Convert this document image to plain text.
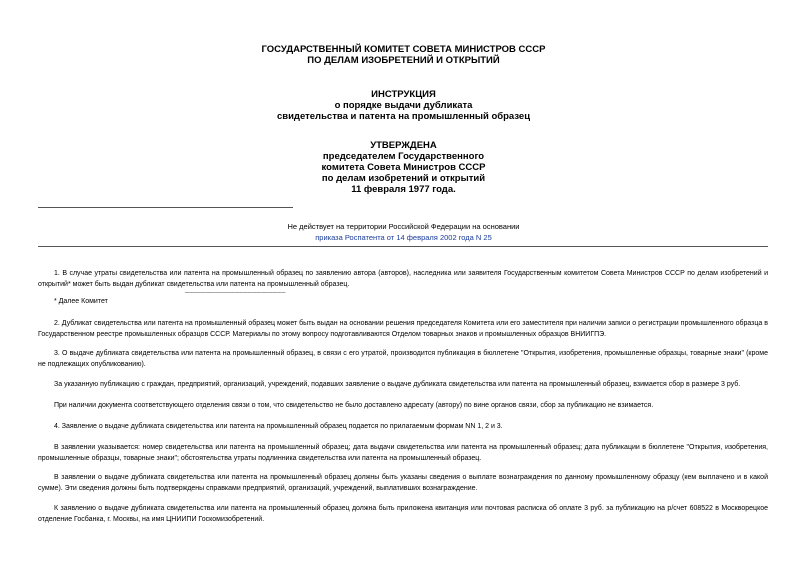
ГОСУДАРСТВЕННЫЙ КОМИТЕТ СОВЕТА МИНИСТРОВ СССР
ПО ДЕЛАМ ИЗОБРЕТЕНИЙ И ОТКРЫТИЙ
ИНСТРУКЦИЯ
о порядке выдачи дубликата
свидетельства и патента на промышленный образец
УТВЕРЖДЕНА
председателем Государственного
комитета Совета Министров СССР
по делам изобретений и открытий
11 февраля 1977 года.
Не действует на территории Российской Федерации на основании
приказа Роспатента от 14 февраля 2002 года N 25

1. В случае утраты свидетельства или патента на промышленный образец по заявлению автора (авторов), наследника или заявителя Государственным комитетом Совета Министров СССР по делам изобретений и открытий* может быть выдан дубликат свидетельства или патента на промышленный образец.

________________________

* Далее Комитет

2. Дубликат свидетельства или патента на промышленный образец может быть выдан на основании решения председателя Комитета или его заместителя при наличии записи о регистрации промышленного образца в Государственном реестре промышленных образцов СССР. Материалы по этому вопросу подготавливаются Отделом товарных знаков и промышленных образцов ВНИИГПЭ.

3. О выдаче дубликата свидетельства или патента на промышленный образец, в связи с его утратой, производится публикация в бюллетене "Открытия, изобретения, промышленные образцы, товарные знаки" (кроме не подлежащих опубликованию).

За указанную публикацию с граждан, предприятий, организаций, учреждений, подавших заявление о выдаче дубликата свидетельства или патента на промышленный образец, взимается сбор в размере 3 руб.

При наличии документа соответствующего отделения связи о том, что свидетельство не было доставлено адресату (автору) по вине органов связи, сбор за публикацию не взимается.

4. Заявление о выдаче дубликата свидетельства или патента на промышленный образец подается по прилагаемым формам NN 1, 2 и 3.

В заявлении указывается: номер свидетельства или патента на промышленный образец; дата выдачи свидетельства или патента на промышленный образец; дата публикации в бюллетене "Открытия, изобретения, промышленные образцы, товарные знаки"; обстоятельства утраты подлинника свидетельства или патента на промышленный образец.

В заявлении о выдаче дубликата свидетельства или патента на промышленный образец должны быть указаны сведения о выплате вознаграждения по данному промышленному образцу (кем выплачено и в какой сумме). Эти сведения должны быть подтверждены справками предприятий, организаций, учреждений, выплативших вознаграждение.

К заявлению о выдаче дубликата свидетельства или патента на промышленный образец должна быть приложена квитанция или почтовая расписка об оплате 3 руб. за публикацию на р/счет 608522 в Москворецкое отделение Госбанка, г. Москвы, на имя ЦНИИПИ Госкомизобретений.
